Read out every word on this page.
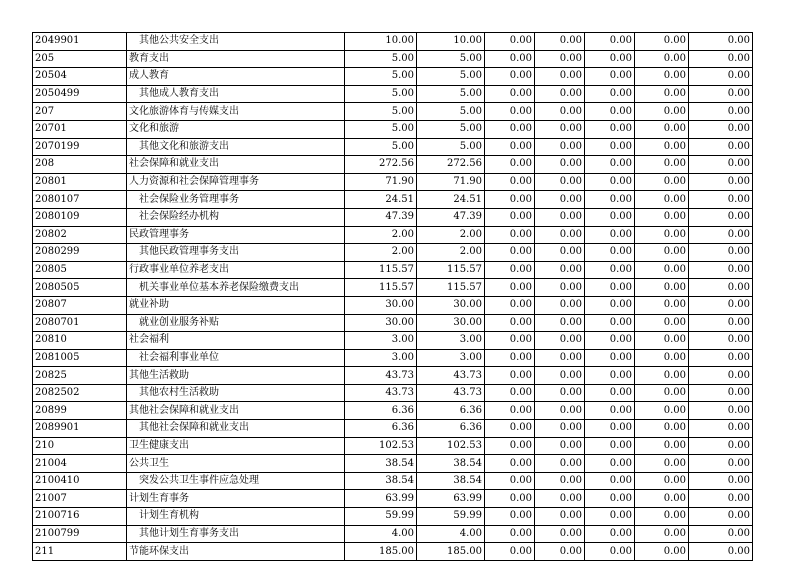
2049901	其他公共安全支出	10.00	10.00	0.00	0.00	0.00	0.00	0.00
205	教育支出	5.00	5.00	0.00	0.00	0.00	0.00	0.00
20504	成人教育	5.00	5.00	0.00	0.00	0.00	0.00	0.00
2050499	其他成人教育支出	5.00	5.00	0.00	0.00	0.00	0.00	0.00
207	文化旅游体育与传媒支出	5.00	5.00	0.00	0.00	0.00	0.00	0.00
20701	文化和旅游	5.00	5.00	0.00	0.00	0.00	0.00	0.00
2070199	其他文化和旅游支出	5.00	5.00	0.00	0.00	0.00	0.00	0.00
208	社会保障和就业支出	272.56	272.56	0.00	0.00	0.00	0.00	0.00
20801	人力资源和社会保障管理事务	71.90	71.90	0.00	0.00	0.00	0.00	0.00
2080107	社会保险业务管理事务	24.51	24.51	0.00	0.00	0.00	0.00	0.00
2080109	社会保险经办机构	47.39	47.39	0.00	0.00	0.00	0.00	0.00
20802	民政管理事务	2.00	2.00	0.00	0.00	0.00	0.00	0.00
2080299	其他民政管理事务支出	2.00	2.00	0.00	0.00	0.00	0.00	0.00
20805	行政事业单位养老支出	115.57	115.57	0.00	0.00	0.00	0.00	0.00
2080505	机关事业单位基本养老保险缴费支出	115.57	115.57	0.00	0.00	0.00	0.00	0.00
20807	就业补助	30.00	30.00	0.00	0.00	0.00	0.00	0.00
2080701	就业创业服务补贴	30.00	30.00	0.00	0.00	0.00	0.00	0.00
20810	社会福利	3.00	3.00	0.00	0.00	0.00	0.00	0.00
2081005	社会福利事业单位	3.00	3.00	0.00	0.00	0.00	0.00	0.00
20825	其他生活救助	43.73	43.73	0.00	0.00	0.00	0.00	0.00
2082502	其他农村生活救助	43.73	43.73	0.00	0.00	0.00	0.00	0.00
20899	其他社会保障和就业支出	6.36	6.36	0.00	0.00	0.00	0.00	0.00
2089901	其他社会保障和就业支出	6.36	6.36	0.00	0.00	0.00	0.00	0.00
210	卫生健康支出	102.53	102.53	0.00	0.00	0.00	0.00	0.00
21004	公共卫生	38.54	38.54	0.00	0.00	0.00	0.00	0.00
2100410	突发公共卫生事件应急处理	38.54	38.54	0.00	0.00	0.00	0.00	0.00
21007	计划生育事务	63.99	63.99	0.00	0.00	0.00	0.00	0.00
2100716	计划生育机构	59.99	59.99	0.00	0.00	0.00	0.00	0.00
2100799	其他计划生育事务支出	4.00	4.00	0.00	0.00	0.00	0.00	0.00
211	节能环保支出	185.00	185.00	0.00	0.00	0.00	0.00	0.00
